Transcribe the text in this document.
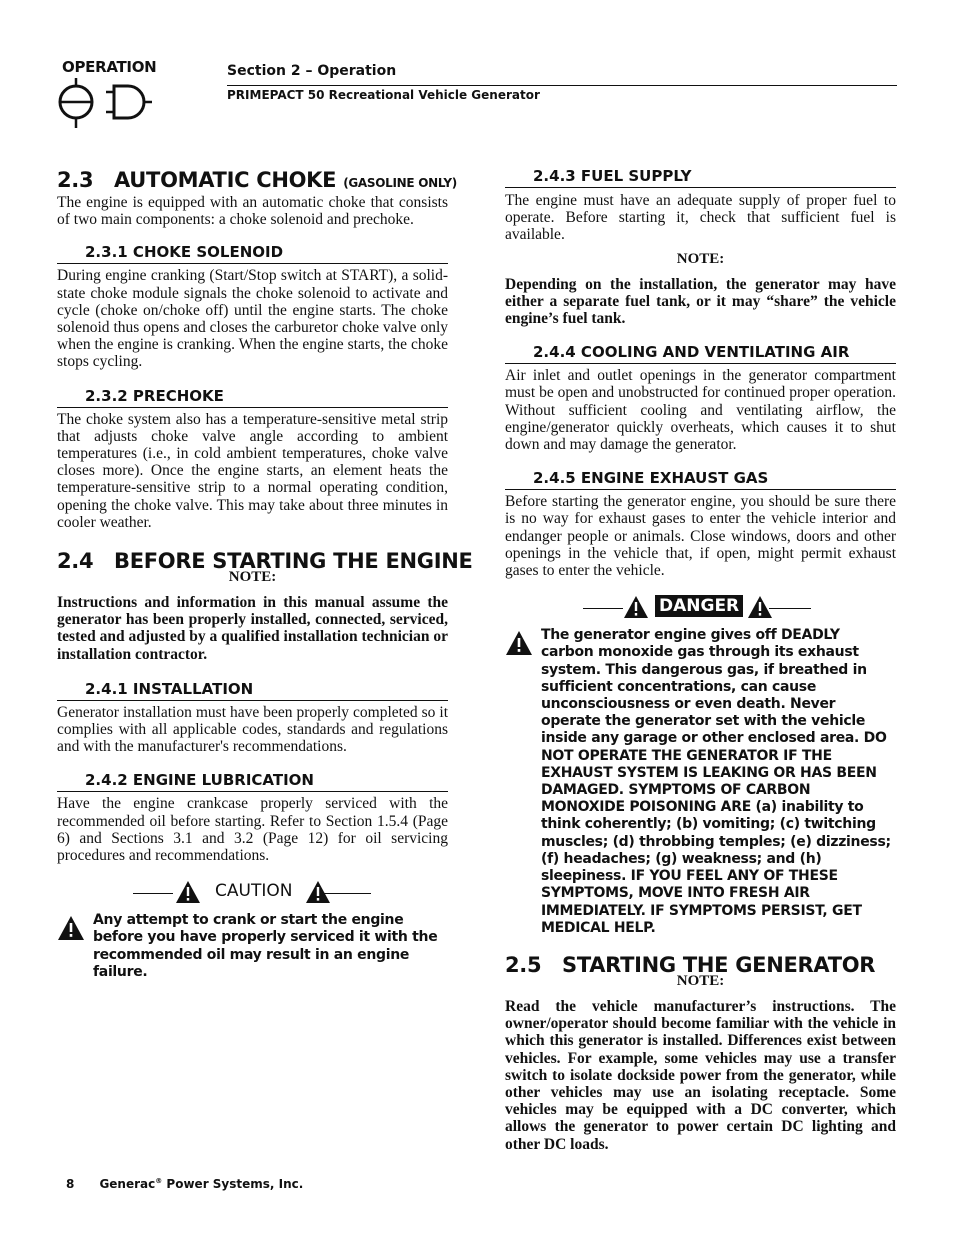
OPERATION	Section 2 – Operation
PRIMEPACT 50 Recreational Vehicle Generator
2.3 AUTOMATIC CHOKE (GASOLINE ONLY)

The engine is equipped with an automatic choke that consists of two main components: a choke solenoid and prechoke.

2.3.1 CHOKE SOLENOID

During engine cranking (Start/Stop switch at START), a solid-state choke module signals the choke solenoid to activate and cycle (choke on/choke off) until the engine starts. The choke solenoid thus opens and closes the carburetor choke valve only when the engine is cranking. When the engine starts, the choke stops cycling.

2.3.2 PRECHOKE

The choke system also has a temperature-sensitive metal strip that adjusts choke valve angle according to ambient temperatures (i.e., in cold ambient temperatures, choke valve closes more). Once the engine starts, an element heats the temperature-sensitive strip to a normal operating condition, opening the choke valve. This may take about three minutes in cooler weather.

2.4 BEFORE STARTING THE ENGINE
NOTE:

Instructions and information in this manual assume the generator has been properly installed, connected, serviced, tested and adjusted by a qualified installation technician or installation contractor.

2.4.1 INSTALLATION

Generator installation must have been properly completed so it complies with all applicable codes, standards and regulations and with the manufacturer's recommendations.

2.4.2 ENGINE LUBRICATION

Have the engine crankcase properly serviced with the recommended oil before starting. Refer to Section 1.5.4 (Page 6) and Sections 3.1 and 3.2 (Page 12) for oil servicing procedures and recommendations.

CAUTION
Any attempt to crank or start the engine before you have properly serviced it with the recommended oil may result in an engine failure.
2.4.3 FUEL SUPPLY

The engine must have an adequate supply of proper fuel to operate. Before starting it, check that sufficient fuel is available.

NOTE:

Depending on the installation, the generator may have either a separate fuel tank, or it may “share” the vehicle engine’s fuel tank.

2.4.4 COOLING AND VENTILATING AIR

Air inlet and outlet openings in the generator compartment must be open and unobstructed for continued proper operation. Without sufficient cooling and ventilating airflow, the engine/generator quickly overheats, which causes it to shut down and may damage the generator.

2.4.5 ENGINE EXHAUST GAS

Before starting the generator engine, you should be sure there is no way for exhaust gases to enter the vehicle interior and endanger people or animals. Close windows, doors and other openings in the vehicle that, if open, might permit exhaust gases to enter the vehicle.

DANGER
The generator engine gives off DEADLY carbon monoxide gas through its exhaust system. This dangerous gas, if breathed in sufficient concentrations, can cause unconsciousness or even death. Never operate the generator set with the vehicle inside any garage or other enclosed area. DO NOT OPERATE THE GENERATOR IF THE EXHAUST SYSTEM IS LEAKING OR HAS BEEN DAMAGED. SYMPTOMS OF CARBON MONOXIDE POISONING ARE (a) inability to think coherently; (b) vomiting; (c) twitching muscles; (d) throbbing temples; (e) dizziness; (f) headaches; (g) weakness; and (h) sleepiness. IF YOU FEEL ANY OF THESE SYMPTOMS, MOVE INTO FRESH AIR IMMEDIATELY. IF SYMPTOMS PERSIST, GET MEDICAL HELP.
2.5 STARTING THE GENERATOR
NOTE:

Read the vehicle manufacturer’s instructions. The owner/operator should become familiar with the vehicle in which this generator is installed. Differences exist between vehicles. For example, some vehicles may use a transfer switch to isolate dockside power from the generator, while other vehicles may use an isolating receptacle. Some vehicles may be equipped with a DC converter, which allows the generator to power certain DC lighting and other DC loads.

8 Generac® Power Systems, Inc.
